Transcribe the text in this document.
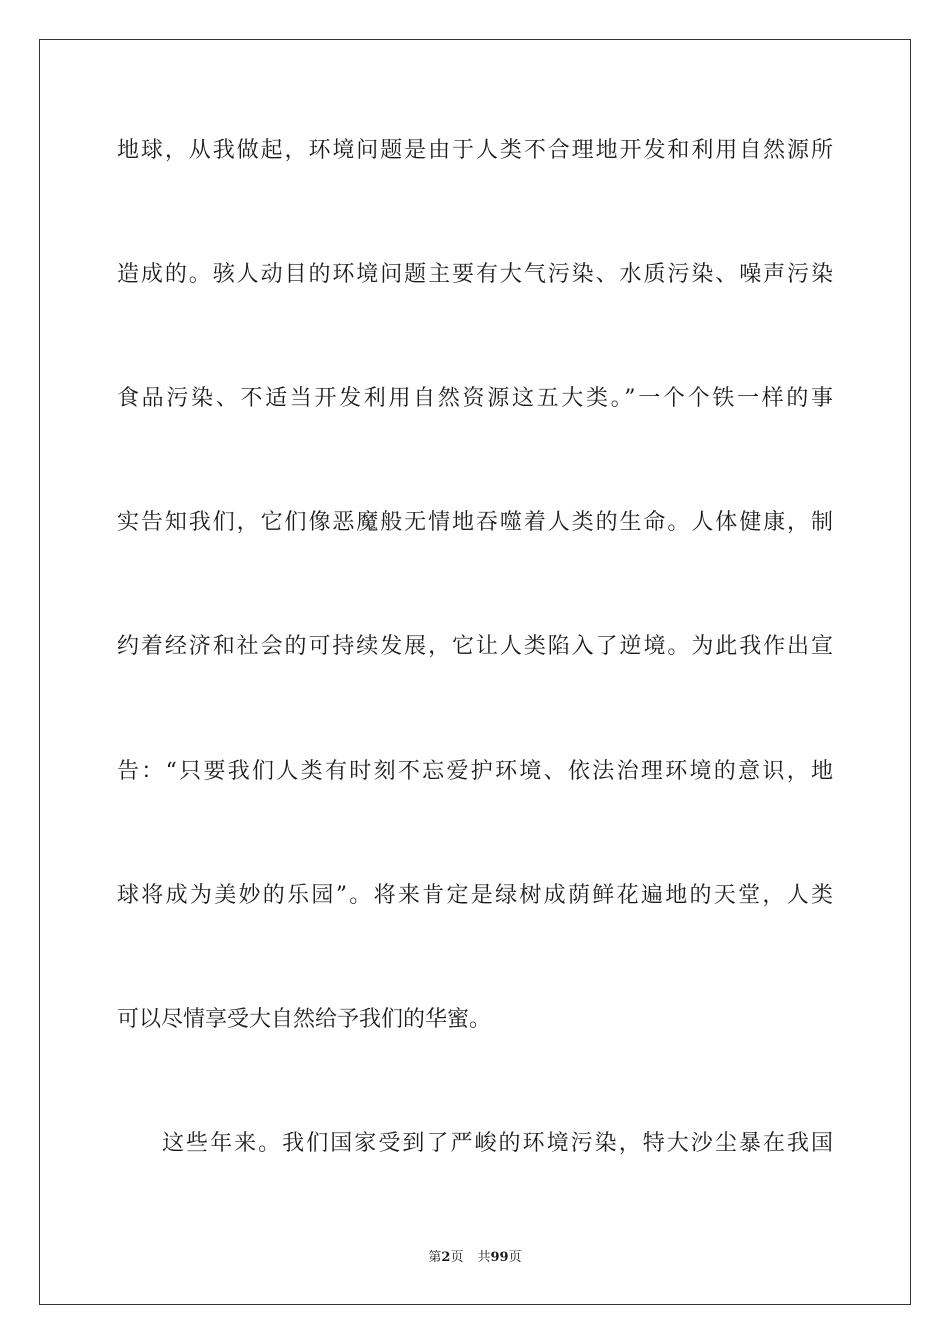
地球，从我做起，环境问题是由于人类不合理地开发和利用自然源所
造成的。骇人动目的环境问题主要有大气污染、水质污染、噪声污染
食品污染、不适当开发利用自然资源这五大类。”一个个铁一样的事
实告知我们，它们像恶魔般无情地吞噬着人类的生命。人体健康，制
约着经济和社会的可持续发展，它让人类陷入了逆境。为此我作出宣
告：“只要我们人类有时刻不忘爱护环境、依法治理环境的意识，地
球将成为美妙的乐园”。将来肯定是绿树成荫鲜花遍地的天堂，人类
可以尽情享受大自然给予我们的华蜜。
这些年来。我们国家受到了严峻的环境污染，特大沙尘暴在我国
第2页 共99页
